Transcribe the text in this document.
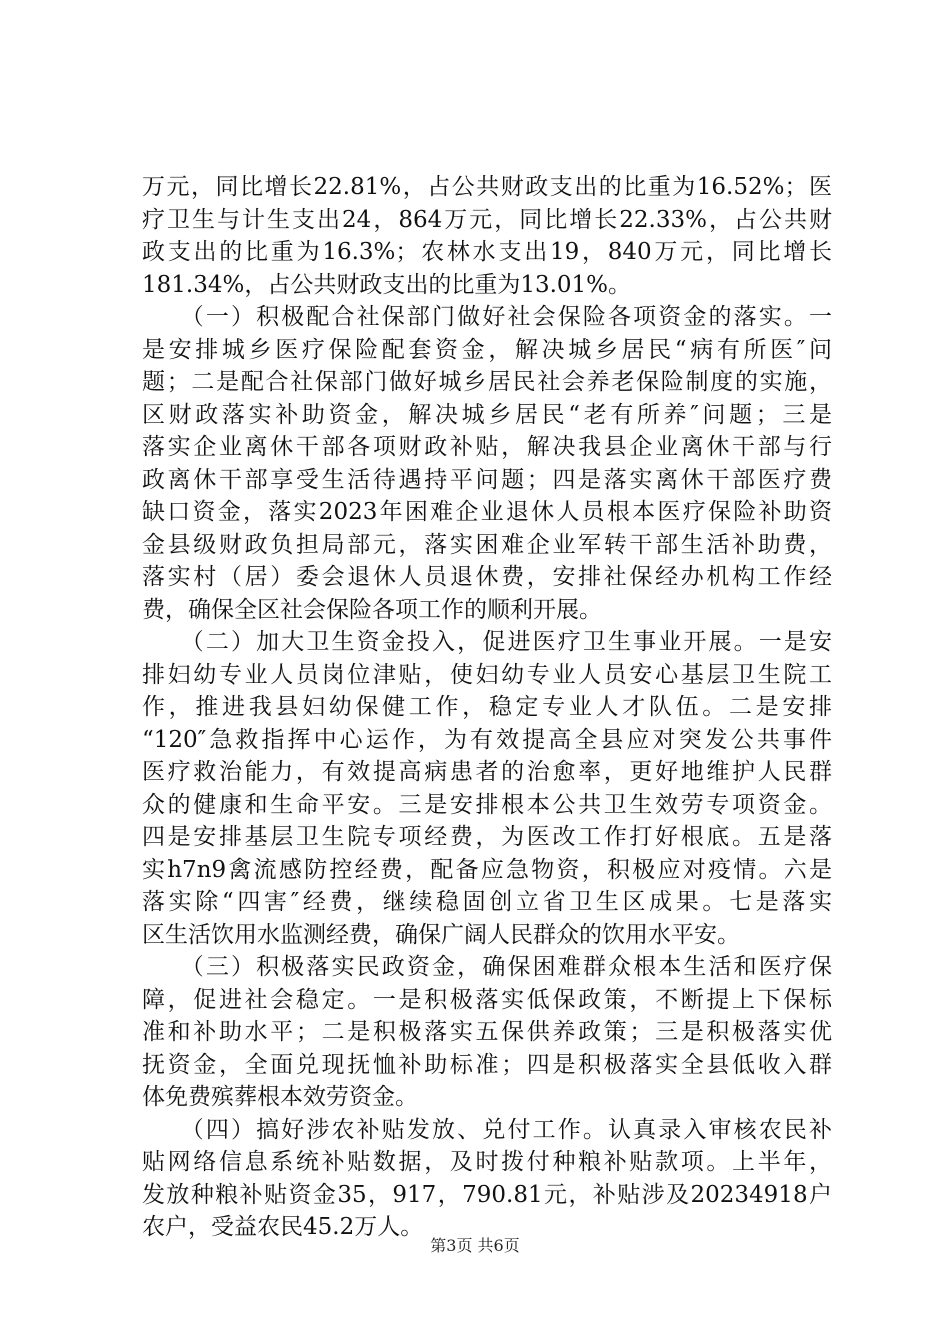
万元，同比增长22.81%，占公共财政支出的比重为16.52%；医
疗卫生与计生支出24，864万元，同比增长22.33%，占公共财
政支出的比重为16.3%；农林水支出19，840万元，同比增长
181.34%，占公共财政支出的比重为13.01%。
　　（一）积极配合社保部门做好社会保险各项资金的落实。一
是安排城乡医疗保险配套资金，解决城乡居民“病有所医″问
题；二是配合社保部门做好城乡居民社会养老保险制度的实施，
区财政落实补助资金，解决城乡居民“老有所养″问题；三是
落实企业离休干部各项财政补贴，解决我县企业离休干部与行
政离休干部享受生活待遇持平问题；四是落实离休干部医疗费
缺口资金，落实2023年困难企业退休人员根本医疗保险补助资
金县级财政负担局部元，落实困难企业军转干部生活补助费，
落实村（居）委会退休人员退休费，安排社保经办机构工作经
费，确保全区社会保险各项工作的顺利开展。
　　（二）加大卫生资金投入，促进医疗卫生事业开展。一是安
排妇幼专业人员岗位津贴，使妇幼专业人员安心基层卫生院工
作，推进我县妇幼保健工作，稳定专业人才队伍。二是安排
“120″急救指挥中心运作，为有效提高全县应对突发公共事件
医疗救治能力，有效提高病患者的治愈率，更好地维护人民群
众的健康和生命平安。三是安排根本公共卫生效劳专项资金。
四是安排基层卫生院专项经费，为医改工作打好根底。五是落
实h7n9禽流感防控经费，配备应急物资，积极应对疫情。六是
落实除“四害″经费，继续稳固创立省卫生区成果。七是落实
区生活饮用水监测经费，确保广阔人民群众的饮用水平安。
　　（三）积极落实民政资金，确保困难群众根本生活和医疗保
障，促进社会稳定。一是积极落实低保政策，不断提上下保标
准和补助水平；二是积极落实五保供养政策；三是积极落实优
抚资金，全面兑现抚恤补助标准；四是积极落实全县低收入群
体免费殡葬根本效劳资金。
　　（四）搞好涉农补贴发放、兑付工作。认真录入审核农民补
贴网络信息系统补贴数据，及时拨付种粮补贴款项。上半年，
发放种粮补贴资金35，917，790.81元，补贴涉及20234918户
农户，受益农民45.2万人。
第3页 共6页
